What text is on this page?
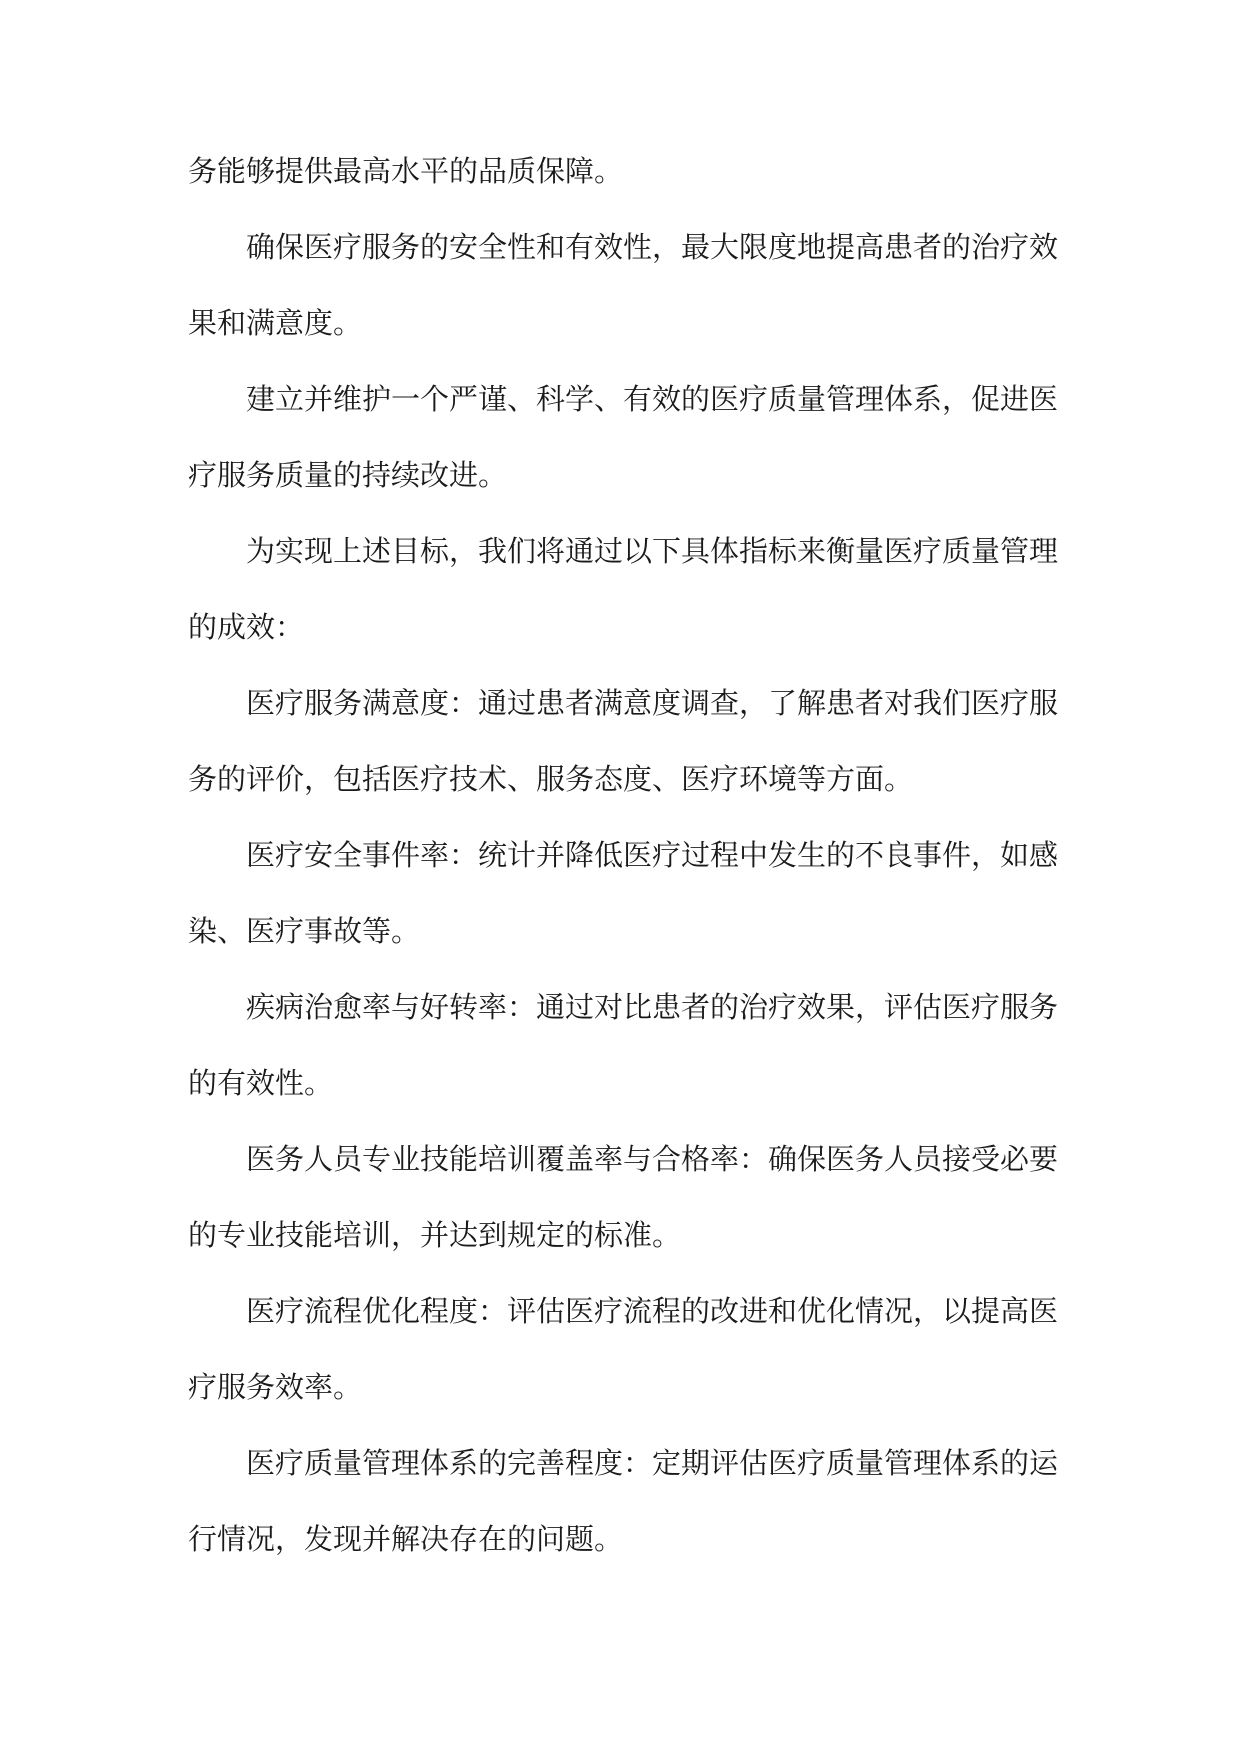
务能够提供最高水平的品质保障。

确保医疗服务的安全性和有效性，最大限度地提高患者的治疗效果和满意度。

建立并维护一个严谨、科学、有效的医疗质量管理体系，促进医疗服务质量的持续改进。

为实现上述目标，我们将通过以下具体指标来衡量医疗质量管理的成效：

医疗服务满意度：通过患者满意度调查，了解患者对我们医疗服务的评价，包括医疗技术、服务态度、医疗环境等方面。

医疗安全事件率：统计并降低医疗过程中发生的不良事件，如感染、医疗事故等。

疾病治愈率与好转率：通过对比患者的治疗效果，评估医疗服务的有效性。

医务人员专业技能培训覆盖率与合格率：确保医务人员接受必要的专业技能培训，并达到规定的标准。

医疗流程优化程度：评估医疗流程的改进和优化情况，以提高医疗服务效率。

医疗质量管理体系的完善程度：定期评估医疗质量管理体系的运行情况，发现并解决存在的问题。
